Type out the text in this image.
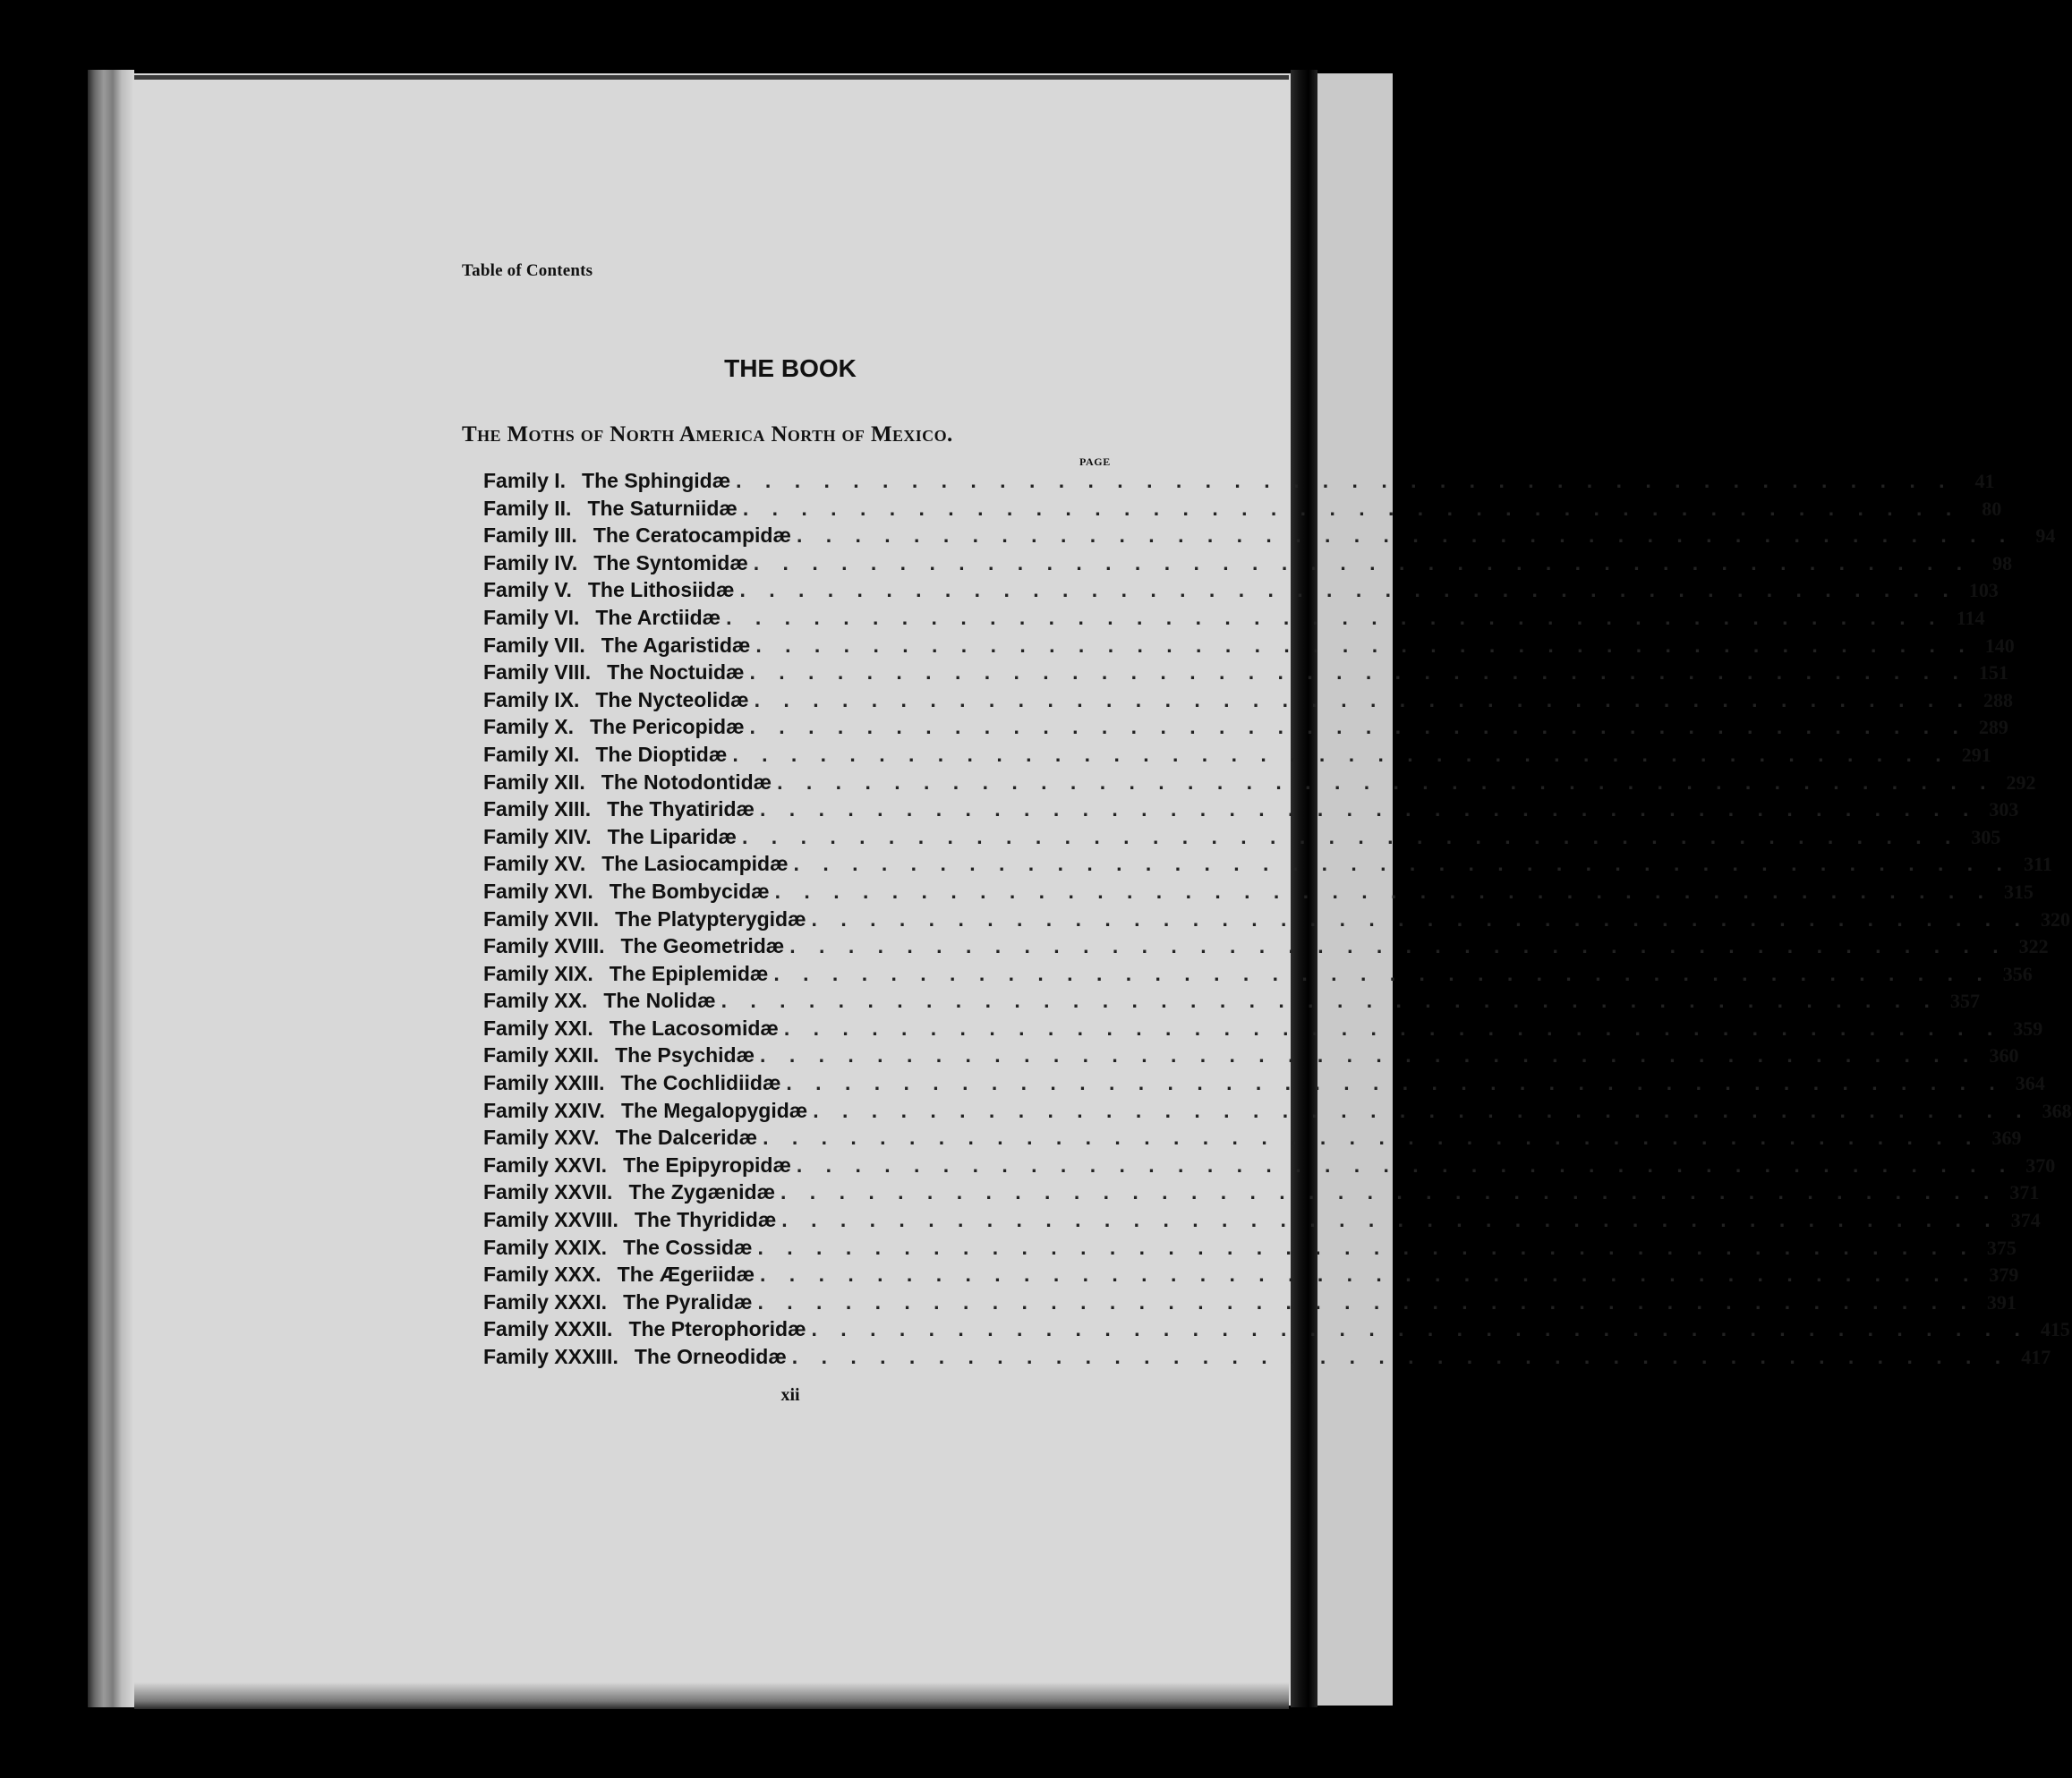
Table of Contents
THE BOOK
The Moths of North America North of Mexico.
PAGE
Family I. The Sphingidæ . . . . . . . . . . . . . . . . . . . . . . . . . . . . . . . . . . . . . . . . . .	41
Family II. The Saturniidæ . . . . . . . . . . . . . . . . . . . . . . . . . . . . . . . . . . . . . . . . . .	80
Family III. The Ceratocampidæ . . . . . . . . . . . . . . . . . . . . . . . . . . . . . . . . . . . . . . . . . .	94
Family IV. The Syntomidæ . . . . . . . . . . . . . . . . . . . . . . . . . . . . . . . . . . . . . . . . . .	98
Family V. The Lithosiidæ . . . . . . . . . . . . . . . . . . . . . . . . . . . . . . . . . . . . . . . . . . 103
Family VI. The Arctiidæ . . . . . . . . . . . . . . . . . . . . . . . . . . . . . . . . . . . . . . . . . . 114
Family VII. The Agaristidæ . . . . . . . . . . . . . . . . . . . . . . . . . . . . . . . . . . . . . . . . . . 140
Family VIII. The Noctuidæ . . . . . . . . . . . . . . . . . . . . . . . . . . . . . . . . . . . . . . . . . . 151
Family IX. The Nycteolidæ . . . . . . . . . . . . . . . . . . . . . . . . . . . . . . . . . . . . . . . . . . 288
Family X. The Pericopidæ . . . . . . . . . . . . . . . . . . . . . . . . . . . . . . . . . . . . . . . . . . 289
Family XI. The Dioptidæ . . . . . . . . . . . . . . . . . . . . . . . . . . . . . . . . . . . . . . . . . . 291
Family XII. The Notodontidæ . . . . . . . . . . . . . . . . . . . . . . . . . . . . . . . . . . . . . . . . . . 292
Family XIII. The Thyatiridæ . . . . . . . . . . . . . . . . . . . . . . . . . . . . . . . . . . . . . . . . . . 303
Family XIV. The Liparidæ . . . . . . . . . . . . . . . . . . . . . . . . . . . . . . . . . . . . . . . . . . 305
Family XV. The Lasiocampidæ . . . . . . . . . . . . . . . . . . . . . . . . . . . . . . . . . . . . . . . . . . 311
Family XVI. The Bombycidæ . . . . . . . . . . . . . . . . . . . . . . . . . . . . . . . . . . . . . . . . . . 315
Family XVII. The Platypterygidæ . . . . . . . . . . . . . . . . . . . . . . . . . . . . . . . . . . . . . . . . . . 320
Family XVIII. The Geometridæ . . . . . . . . . . . . . . . . . . . . . . . . . . . . . . . . . . . . . . . . . . 322
Family XIX. The Epiplemidæ . . . . . . . . . . . . . . . . . . . . . . . . . . . . . . . . . . . . . . . . . . 356
Family XX. The Nolidæ . . . . . . . . . . . . . . . . . . . . . . . . . . . . . . . . . . . . . . . . . . 357
Family XXI. The Lacosomidæ . . . . . . . . . . . . . . . . . . . . . . . . . . . . . . . . . . . . . . . . . . 359
Family XXII. The Psychidæ . . . . . . . . . . . . . . . . . . . . . . . . . . . . . . . . . . . . . . . . . . 360
Family XXIII. The Cochlidiidæ . . . . . . . . . . . . . . . . . . . . . . . . . . . . . . . . . . . . . . . . . . 364
Family XXIV. The Megalopygidæ . . . . . . . . . . . . . . . . . . . . . . . . . . . . . . . . . . . . . . . . . . 368
Family XXV. The Dalceridæ . . . . . . . . . . . . . . . . . . . . . . . . . . . . . . . . . . . . . . . . . . 369
Family XXVI. The Epipyropidæ . . . . . . . . . . . . . . . . . . . . . . . . . . . . . . . . . . . . . . . . . . 370
Family XXVII. The Zygænidæ . . . . . . . . . . . . . . . . . . . . . . . . . . . . . . . . . . . . . . . . . . 371
Family XXVIII. The Thyrididæ . . . . . . . . . . . . . . . . . . . . . . . . . . . . . . . . . . . . . . . . . . 374
Family XXIX. The Cossidæ . . . . . . . . . . . . . . . . . . . . . . . . . . . . . . . . . . . . . . . . . . 375
Family XXX. The Ægeriidæ . . . . . . . . . . . . . . . . . . . . . . . . . . . . . . . . . . . . . . . . . . 379
Family XXXI. The Pyralidæ . . . . . . . . . . . . . . . . . . . . . . . . . . . . . . . . . . . . . . . . . . 391
Family XXXII. The Pterophoridæ . . . . . . . . . . . . . . . . . . . . . . . . . . . . . . . . . . . . . . . . . . 415
Family XXXIII. The Orneodidæ . . . . . . . . . . . . . . . . . . . . . . . . . . . . . . . . . . . . . . . . . . 417
xii
